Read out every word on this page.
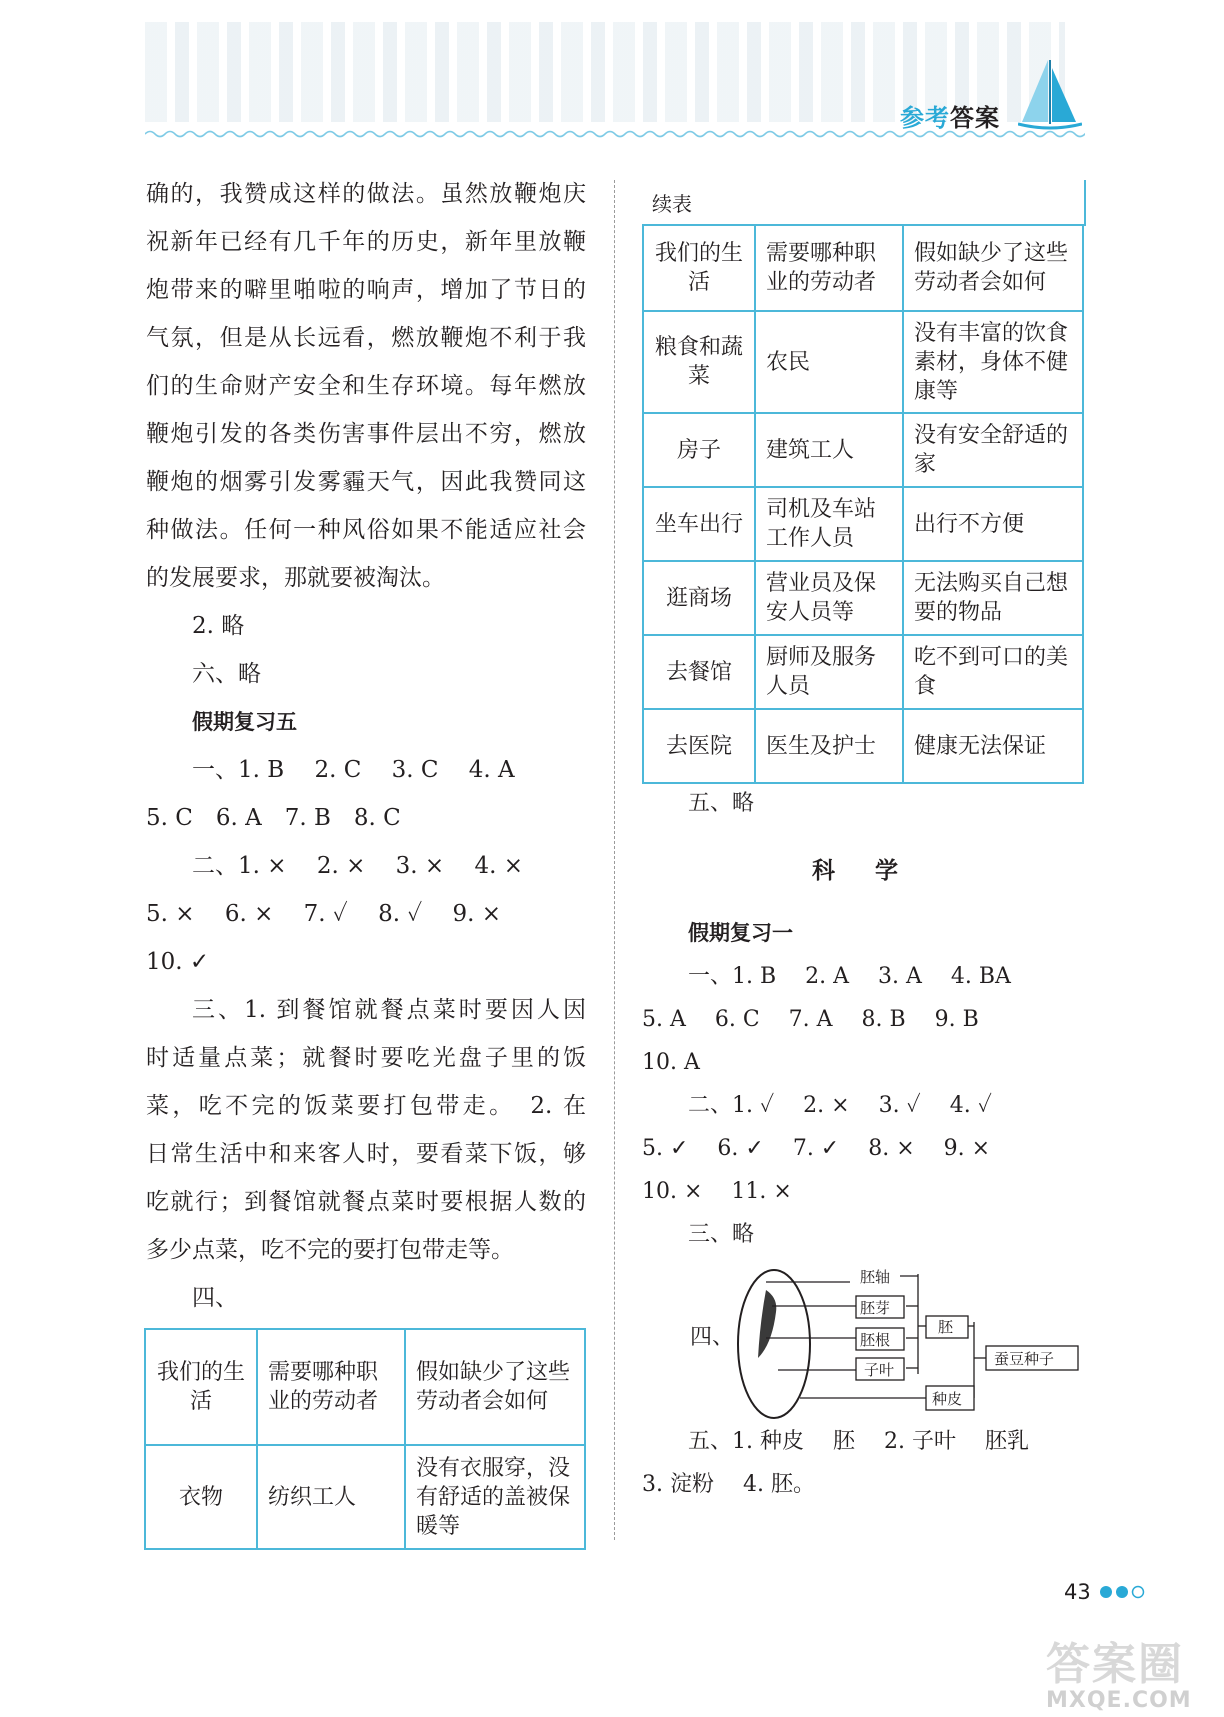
参考答案
确的，我赞成这样的做法。虽然放鞭炮庆
祝新年已经有几千年的历史，新年里放鞭
炮带来的噼里啪啦的响声，增加了节日的
气氛，但是从长远看，燃放鞭炮不利于我
们的生命财产安全和生存环境。每年燃放
鞭炮引发的各类伤害事件层出不穷，燃放
鞭炮的烟雾引发雾霾天气，因此我赞同这
种做法。任何一种风俗如果不能适应社会
的发展要求，那就要被淘汰。
2. 略
六、略
假期复习五
一、1. B　 2. C　 3. C　 4. A
5. C　6. A　7. B　8. C
二、1. ×　 2. ×　 3. ×　 4. ×
5. ×　 6. ×　 7. ✓　 8. ✓　 9. ×
10. ✓
三、1. 到餐馆就餐点菜时要因人因
时适量点菜；就餐时要吃光盘子里的饭
菜，吃不完的饭菜要打包带走。　2. 在
日常生活中和来客人时，要看菜下饭，够
吃就行；到餐馆就餐点菜时要根据人数的
多少点菜，吃不完的要打包带走等。
四、
我们的生活	需要哪种职业的劳动者	假如缺少了这些劳动者会如何
衣物	纺织工人	没有衣服穿，没有舒适的盖被保暖等
续表
我们的生活	需要哪种职业的劳动者	假如缺少了这些劳动者会如何
粮食和蔬菜	农民	没有丰富的饮食素材，身体不健康等
房子	建筑工人	没有安全舒适的家
坐车出行	司机及车站工作人员	出行不方便
逛商场	营业员及保安人员等	无法购买自己想要的物品
去餐馆	厨师及服务人员	吃不到可口的美食
去医院	医生及护士	健康无法保证
五、略
科学
假期复习一
一、1. B　 2. A　 3. A　 4. BA
5. A　 6. C　 7. A　 8. B　 9. B
10. A
二、1. ✓　 2. ×　 3. ✓　 4. ✓
5. ✓　 6. ✓　 7. ✓　 8. ×　 9. ×
10. ×　 11. ×
三、略
四、
胚轴
胚芽
胚根
子叶
胚
种皮
蚕豆种子
五、1. 种皮　 胚　 2. 子叶　 胚乳
3. 淀粉　 4. 胚。
43
答案圈
MXQE.COM
